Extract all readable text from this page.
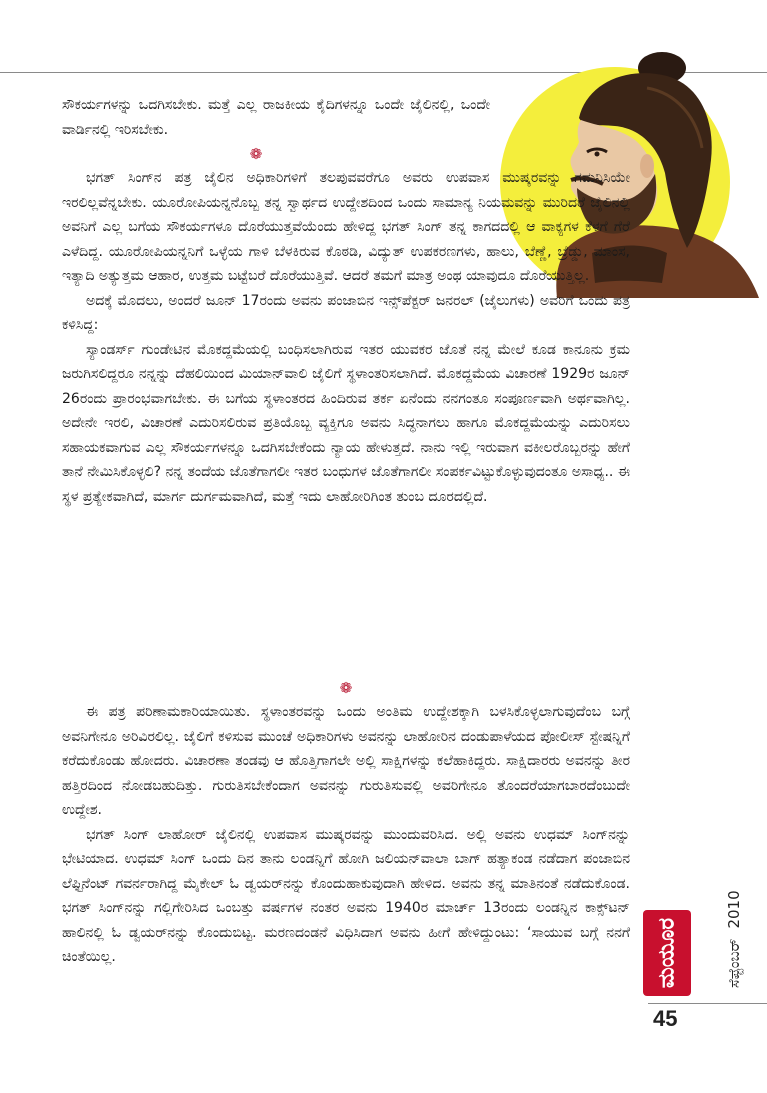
ಸೌಕರ್ಯಗಳನ್ನು ಒದಗಿಸಬೇಕು. ಮತ್ತೆ ಎಲ್ಲ ರಾಜಕೀಯ ಕೈದಿಗಳನ್ನೂ ಒಂದೇ ಜೈಲಿನಲ್ಲಿ, ಒಂದೇ ವಾರ್ಡಿನಲ್ಲಿ ಇರಿಸಬೇಕು.

❁

ಭಗತ್ ಸಿಂಗ್‌ನ ಪತ್ರ ಜೈಲಿನ ಅಧಿಕಾರಿಗಳಿಗೆ ತಲಪುವವರೆಗೂ ಅವರು ಉಪವಾಸ ಮುಷ್ಕರವನ್ನು ಗಮನಿಸಿಯೇ ಇರಲಿಲ್ಲವೆನ್ನಬೇಕು. ಯೂರೋಪಿಯನ್ನನೊಬ್ಬ ತನ್ನ ಸ್ವಾರ್ಥದ ಉದ್ದೇಶದಿಂದ ಒಂದು ಸಾಮಾನ್ಯ ನಿಯಮವನ್ನು ಮುರಿದರೆ ಜೈಲಿನಲ್ಲಿ ಅವನಿಗೆ ಎಲ್ಲ ಬಗೆಯ ಸೌಕರ್ಯಗಳೂ ದೊರೆಯುತ್ತವೆಯೆಂದು ಹೇಳಿದ್ದ ಭಗತ್ ಸಿಂಗ್ ತನ್ನ ಕಾಗದದಲ್ಲಿ ಆ ವಾಕ್ಯಗಳ ಕೆಳಗೆ ಗೆರೆ ಎಳೆದಿದ್ದ. ಯೂರೋಪಿಯನ್ನನಿಗೆ ಒಳ್ಳೆಯ ಗಾಳಿ ಬೆಳಕಿರುವ ಕೊಠಡಿ, ವಿದ್ಯುತ್ ಉಪಕರಣಗಳು, ಹಾಲು, ಬೆಣ್ಣೆ, ಬ್ರೆಡ್ಡು, ಮಾಂಸ, ಇತ್ಯಾದಿ ಅತ್ಯುತ್ತಮ ಆಹಾರ, ಉತ್ತಮ ಬಟ್ಟೆಬರೆ ದೊರೆಯುತ್ತಿವೆ. ಆದರೆ ತಮಗೆ ಮಾತ್ರ ಅಂಥ ಯಾವುದೂ ದೊರೆಯುತ್ತಿಲ್ಲ.

ಅದಕ್ಕೆ ಮೊದಲು, ಅಂದರೆ ಜೂನ್ 17ರಂದು ಅವನು ಪಂಜಾಬಿನ ಇನ್ಸ್‌ಪೆಕ್ಟರ್ ಜನರಲ್ (ಜೈಲುಗಳು) ಅವರಿಗೆ ಒಂದು ಪತ್ರ ಕಳಿಸಿದ್ದ:

ಸ್ಯಾಂಡರ್ಸ್ ಗುಂಡೇಟಿನ ಮೊಕದ್ದಮೆಯಲ್ಲಿ ಬಂಧಿಸಲಾಗಿರುವ ಇತರ ಯುವಕರ ಜೊತೆ ನನ್ನ ಮೇಲೆ ಕೂಡ ಕಾನೂನು ಕ್ರಮ ಜರುಗಿಸಲಿದ್ದರೂ ನನ್ನನ್ನು ದೆಹಲಿಯಿಂದ ಮಿಯಾನ್‌ವಾಲಿ ಜೈಲಿಗೆ ಸ್ಥಳಾಂತರಿಸಲಾಗಿದೆ. ಮೊಕದ್ದಮೆಯ ವಿಚಾರಣೆ 1929ರ ಜೂನ್ 26ರಂದು ಪ್ರಾರಂಭವಾಗಬೇಕು. ಈ ಬಗೆಯ ಸ್ಥಳಾಂತರದ ಹಿಂದಿರುವ ತರ್ಕ ಏನೆಂದು ನನಗಂತೂ ಸಂಪೂರ್ಣವಾಗಿ ಅರ್ಥವಾಗಿಲ್ಲ. ಅದೇನೇ ಇರಲಿ, ವಿಚಾರಣೆ ಎದುರಿಸಲಿರುವ ಪ್ರತಿಯೊಬ್ಬ ವ್ಯಕ್ತಿಗೂ ಅವನು ಸಿದ್ಧನಾಗಲು ಹಾಗೂ ಮೊಕದ್ದಮೆಯನ್ನು ಎದುರಿಸಲು ಸಹಾಯಕವಾಗುವ ಎಲ್ಲ ಸೌಕರ್ಯಗಳನ್ನೂ ಒದಗಿಸಬೇಕೆಂದು ನ್ಯಾಯ ಹೇಳುತ್ತದೆ. ನಾನು ಇಲ್ಲಿ ಇರುವಾಗ ವಕೀಲರೊಬ್ಬರನ್ನು ಹೇಗೆ ತಾನೆ ನೇಮಿಸಿಕೊಳ್ಳಲಿ? ನನ್ನ ತಂದೆಯ ಜೊತೆಗಾಗಲೀ ಇತರ ಬಂಧುಗಳ ಜೊತೆಗಾಗಲೀ ಸಂಪರ್ಕವಿಟ್ಟುಕೊಳ್ಳುವುದಂತೂ ಅಸಾಧ್ಯ.. ಈ ಸ್ಥಳ ಪ್ರತ್ಯೇಕವಾಗಿದೆ, ಮಾರ್ಗ ದುರ್ಗಮವಾಗಿದೆ, ಮತ್ತೆ ಇದು ಲಾಹೋರಿಗಿಂತ ತುಂಬ ದೂರದಲ್ಲಿದೆ.

❁

ಈ ಪತ್ರ ಪರಿಣಾಮಕಾರಿಯಾಯಿತು. ಸ್ಥಳಾಂತರವನ್ನು ಒಂದು ಅಂತಿಮ ಉದ್ದೇಶಕ್ಕಾಗಿ ಬಳಸಿಕೊಳ್ಳಲಾಗುವುದೆಂಬ ಬಗ್ಗೆ ಅವನಿಗೇನೂ ಅರಿವಿರಲಿಲ್ಲ. ಜೈಲಿಗೆ ಕಳಿಸುವ ಮುಂಚೆ ಅಧಿಕಾರಿಗಳು ಅವನನ್ನು ಲಾಹೋರಿನ ದಂಡುಪಾಳೆಯದ ಪೋಲೀಸ್ ಸ್ಟೇಷನ್ನಿಗೆ ಕರೆದುಕೊಂಡು ಹೋದರು. ವಿಚಾರಣಾ ತಂಡವು ಆ ಹೊತ್ತಿಗಾಗಲೇ ಅಲ್ಲಿ ಸಾಕ್ಷಿಗಳನ್ನು ಕಲೆಹಾಕಿದ್ದರು. ಸಾಕ್ಷಿದಾರರು ಅವನನ್ನು ತೀರ ಹತ್ತಿರದಿಂದ ನೋಡಬಹುದಿತ್ತು. ಗುರುತಿಸಬೇಕೆಂದಾಗ ಅವನನ್ನು ಗುರುತಿಸುವಲ್ಲಿ ಅವರಿಗೇನೂ ತೊಂದರೆಯಾಗಬಾರದೆಂಬುದೇ ಉದ್ದೇಶ.

ಭಗತ್ ಸಿಂಗ್ ಲಾಹೋರ್ ಜೈಲಿನಲ್ಲಿ ಉಪವಾಸ ಮುಷ್ಕರವನ್ನು ಮುಂದುವರಿಸಿದ. ಅಲ್ಲಿ ಅವನು ಉಧಮ್ ಸಿಂಗ್‌ನನ್ನು ಭೇಟಿಯಾದ. ಉಧಮ್ ಸಿಂಗ್ ಒಂದು ದಿನ ತಾನು ಲಂಡನ್ನಿಗೆ ಹೋಗಿ ಜಲಿಯನ್‌ವಾಲಾ ಬಾಗ್ ಹತ್ಯಾಕಂಡ ನಡೆದಾಗ ಪಂಜಾಬಿನ ಲೆಫ್ಟಿನೆಂಟ್ ಗವರ್ನರಾಗಿದ್ದ ಮೈಕೇಲ್ ಓ ಡ್ವಯರ್‌ನನ್ನು ಕೊಂದುಹಾಕುವುದಾಗಿ ಹೇಳಿದ. ಅವನು ತನ್ನ ಮಾತಿನಂತೆ ನಡೆದುಕೊಂಡ. ಭಗತ್ ಸಿಂಗ್‌ನನ್ನು ಗಲ್ಲಿಗೇರಿಸಿದ ಒಂಬತ್ತು ವರ್ಷಗಳ ನಂತರ ಅವನು 1940ರ ಮಾರ್ಚ್ 13ರಂದು ಲಂಡನ್ನಿನ ಕಾಕ್ಸ್‌ಟನ್ ಹಾಲಿನಲ್ಲಿ ಓ ಡ್ವಯರ್‌ನನ್ನು ಕೊಂದುಬಿಟ್ಟ. ಮರಣದಂಡನೆ ವಿಧಿಸಿದಾಗ ಅವನು ಹೀಗೆ ಹೇಳಿದ್ದುಂಟು: ‘ಸಾಯುವ ಬಗ್ಗೆ ನನಗೆ ಚಿಂತೆಯಿಲ್ಲ.	ಸೆಪ್ಟೆಂಬರ್
2010
ಮಯೂರ
45
